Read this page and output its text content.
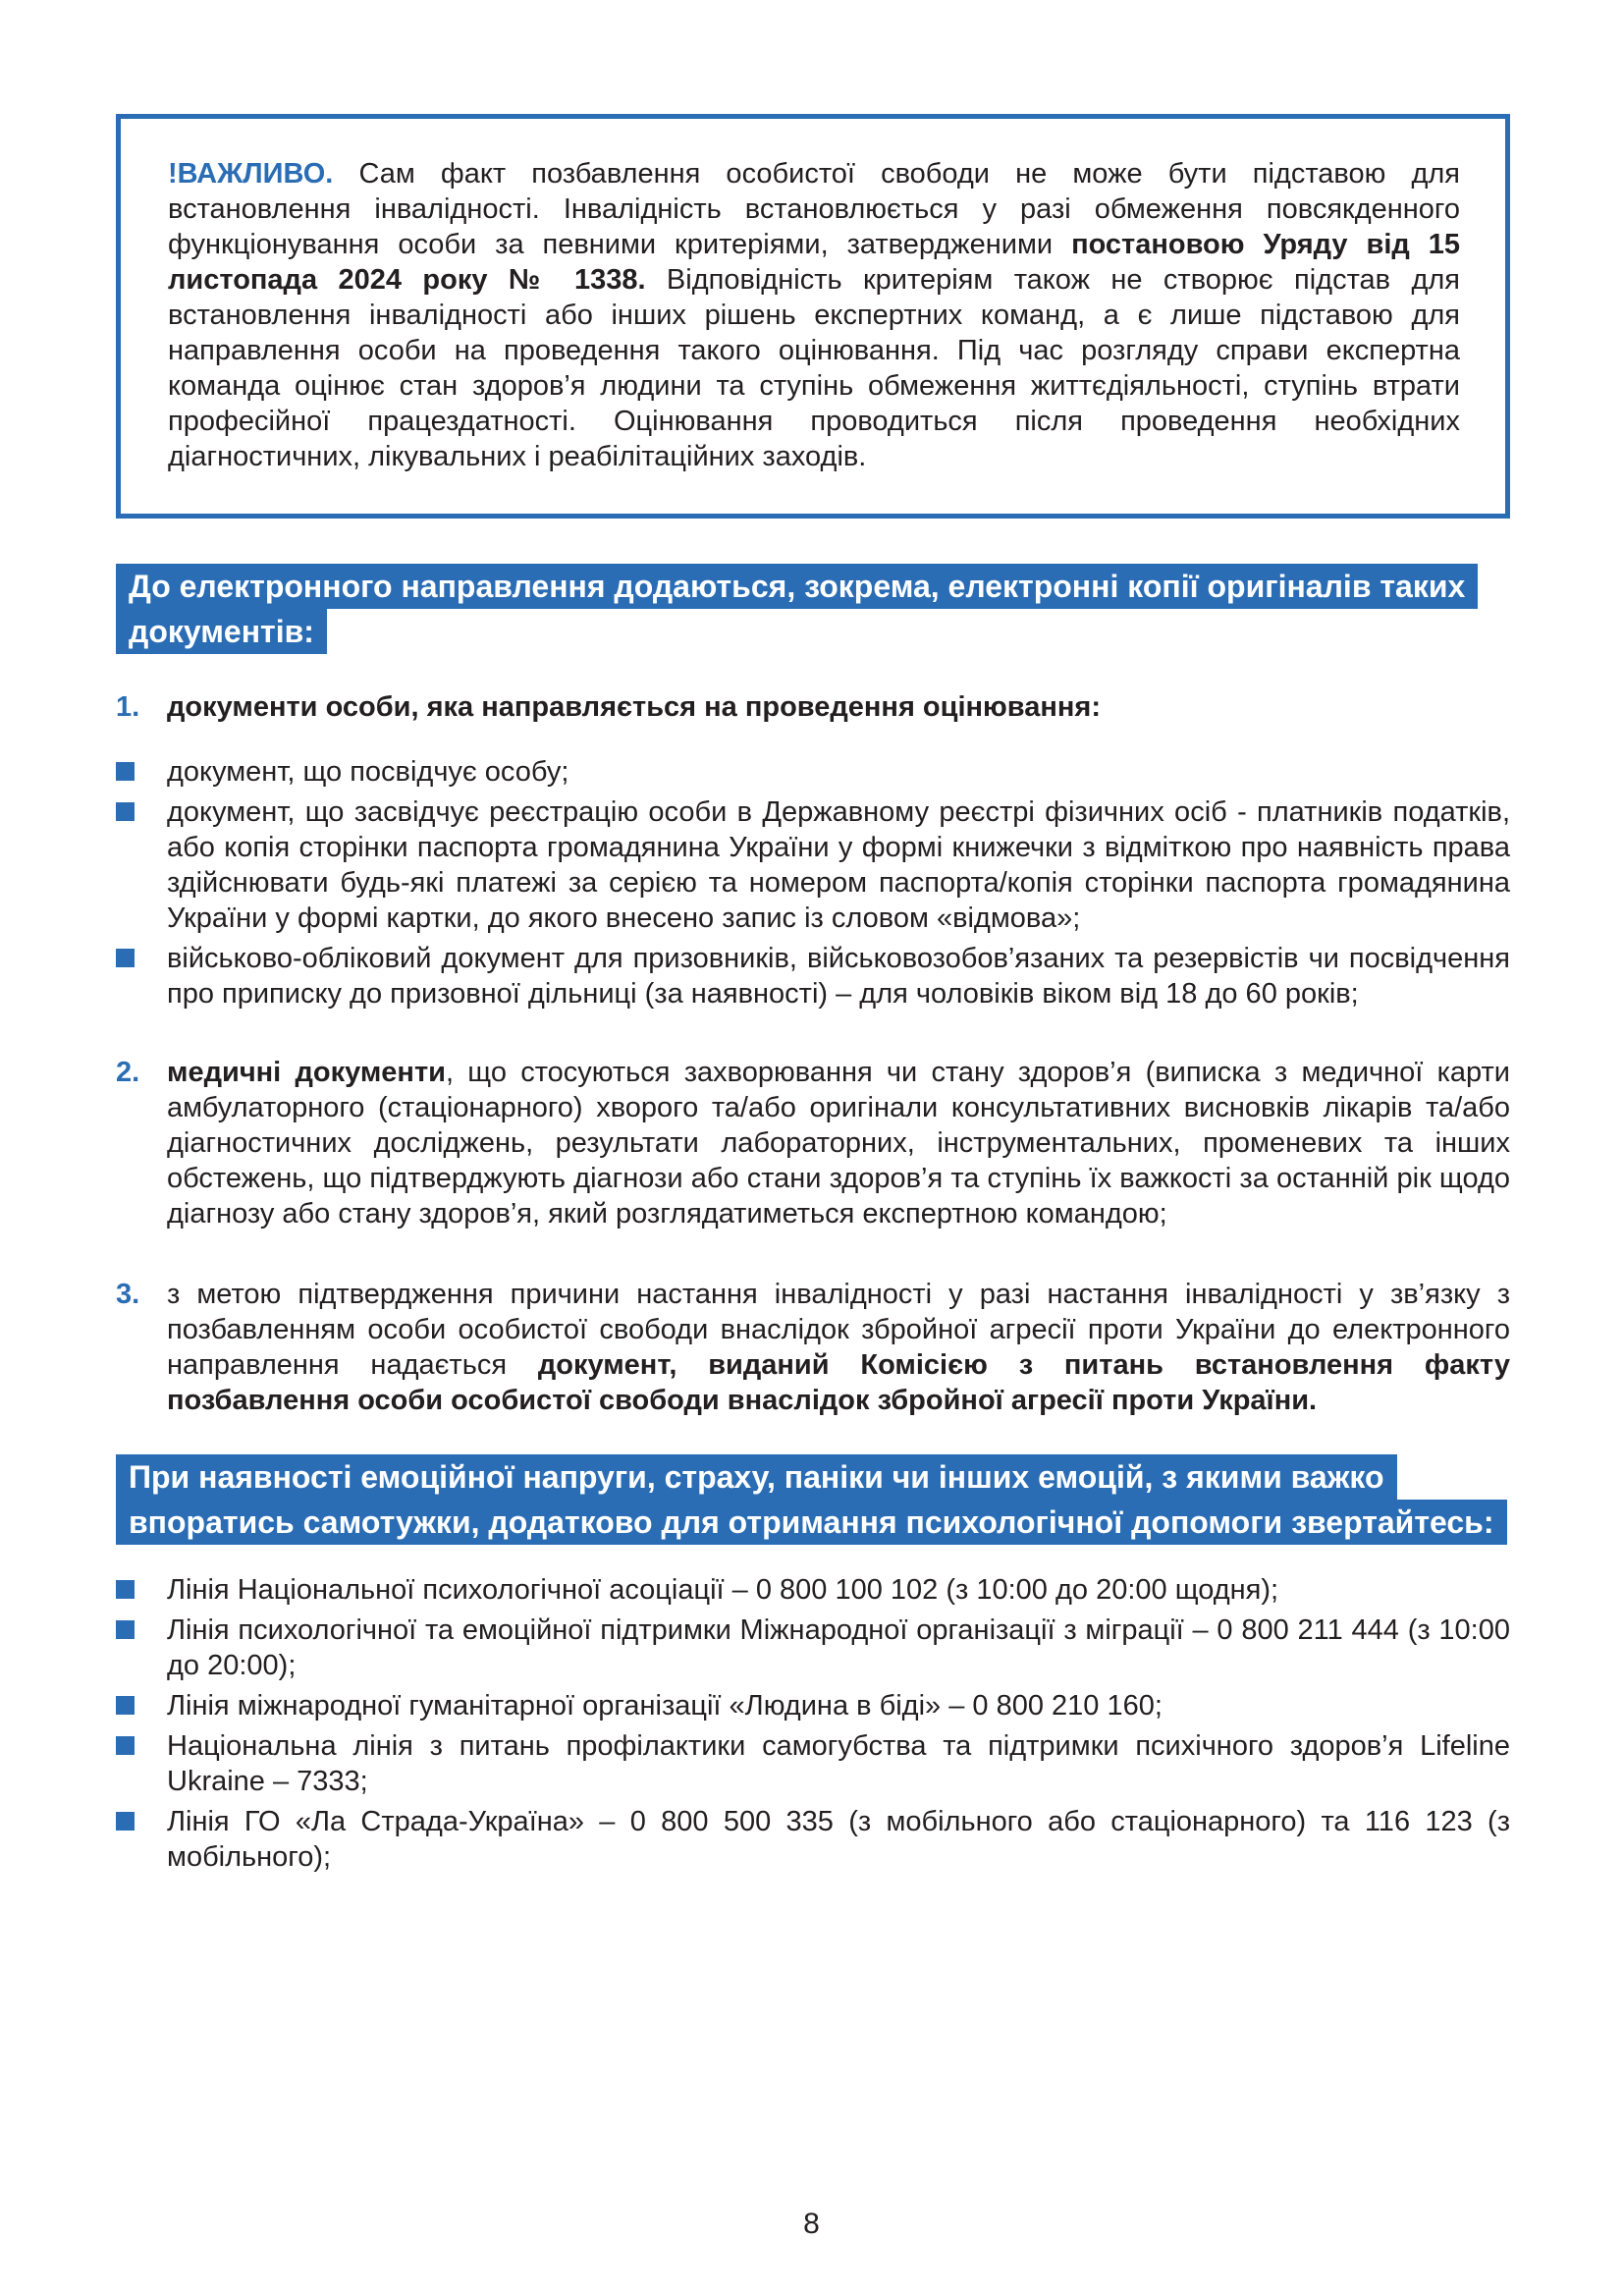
!ВАЖЛИВО. Сам факт позбавлення особистої свободи не може бути підставою для встановлення інвалідності. Інвалідність встановлюється у разі обмеження повсякденного функціонування особи за певними критеріями, затвердженими постановою Уряду від 15 листопада 2024 року № 1338. Відповідність критеріям також не створює підстав для встановлення інвалідності або інших рішень експертних команд, а є лише підставою для направлення особи на проведення такого оцінювання. Під час розгляду справи експертна команда оцінює стан здоров’я людини та ступінь обмеження життєдіяльності, ступінь втрати професійної працездатності. Оцінювання проводиться після проведення необхідних діагностичних, лікувальних і реабілітаційних заходів.
До електронного направлення додаються, зокрема, електронні копії оригіналів таких документів:
1. документи особи, яка направляється на проведення оцінювання:
документ, що посвідчує особу;
документ, що засвідчує реєстрацію особи в Державному реєстрі фізичних осіб - платників податків, або копія сторінки паспорта громадянина України у формі книжечки з відміткою про наявність права здійснювати будь-які платежі за серією та номером паспорта/копія сторінки паспорта громадянина України у формі картки, до якого внесено запис із словом «відмова»;
військово-обліковий документ для призовників, військовозобов’язаних та резервістів чи посвідчення про приписку до призовної дільниці (за наявності) – для чоловіків віком від 18 до 60 років;
2. медичні документи, що стосуються захворювання чи стану здоров’я (виписка з медичної карти амбулаторного (стаціонарного) хворого та/або оригінали консультативних висновків лікарів та/або діагностичних досліджень, результати лабораторних, інструментальних, променевих та інших обстежень, що підтверджують діагнози або стани здоров’я та ступінь їх важкості за останній рік щодо діагнозу або стану здоров’я, який розглядатиметься експертною командою;
3. з метою підтвердження причини настання інвалідності у разі настання інвалідності у зв’язку з позбавленням особи особистої свободи внаслідок збройної агресії проти України до електронного направлення надається документ, виданий Комісією з питань встановлення факту позбавлення особи особистої свободи внаслідок збройної агресії проти України.
При наявності емоційної напруги, страху, паніки чи інших емоцій, з якими важко впоратись самотужки, додатково для отримання психологічної допомоги звертайтесь:
Лінія Національної психологічної асоціації – 0 800 100 102 (з 10:00 до 20:00 щодня);
Лінія психологічної та емоційної підтримки Міжнародної організації з міграції – 0 800 211 444 (з 10:00 до 20:00);
Лінія міжнародної гуманітарної організації «Людина в біді» – 0 800 210 160;
Національна лінія з питань профілактики самогубства та підтримки психічного здоров’я Lifeline Ukraine – 7333;
Лінія ГО «Ла Страда-Україна» – 0 800 500 335 (з мобільного або стаціонарного) та 116 123 (з мобільного);
8
